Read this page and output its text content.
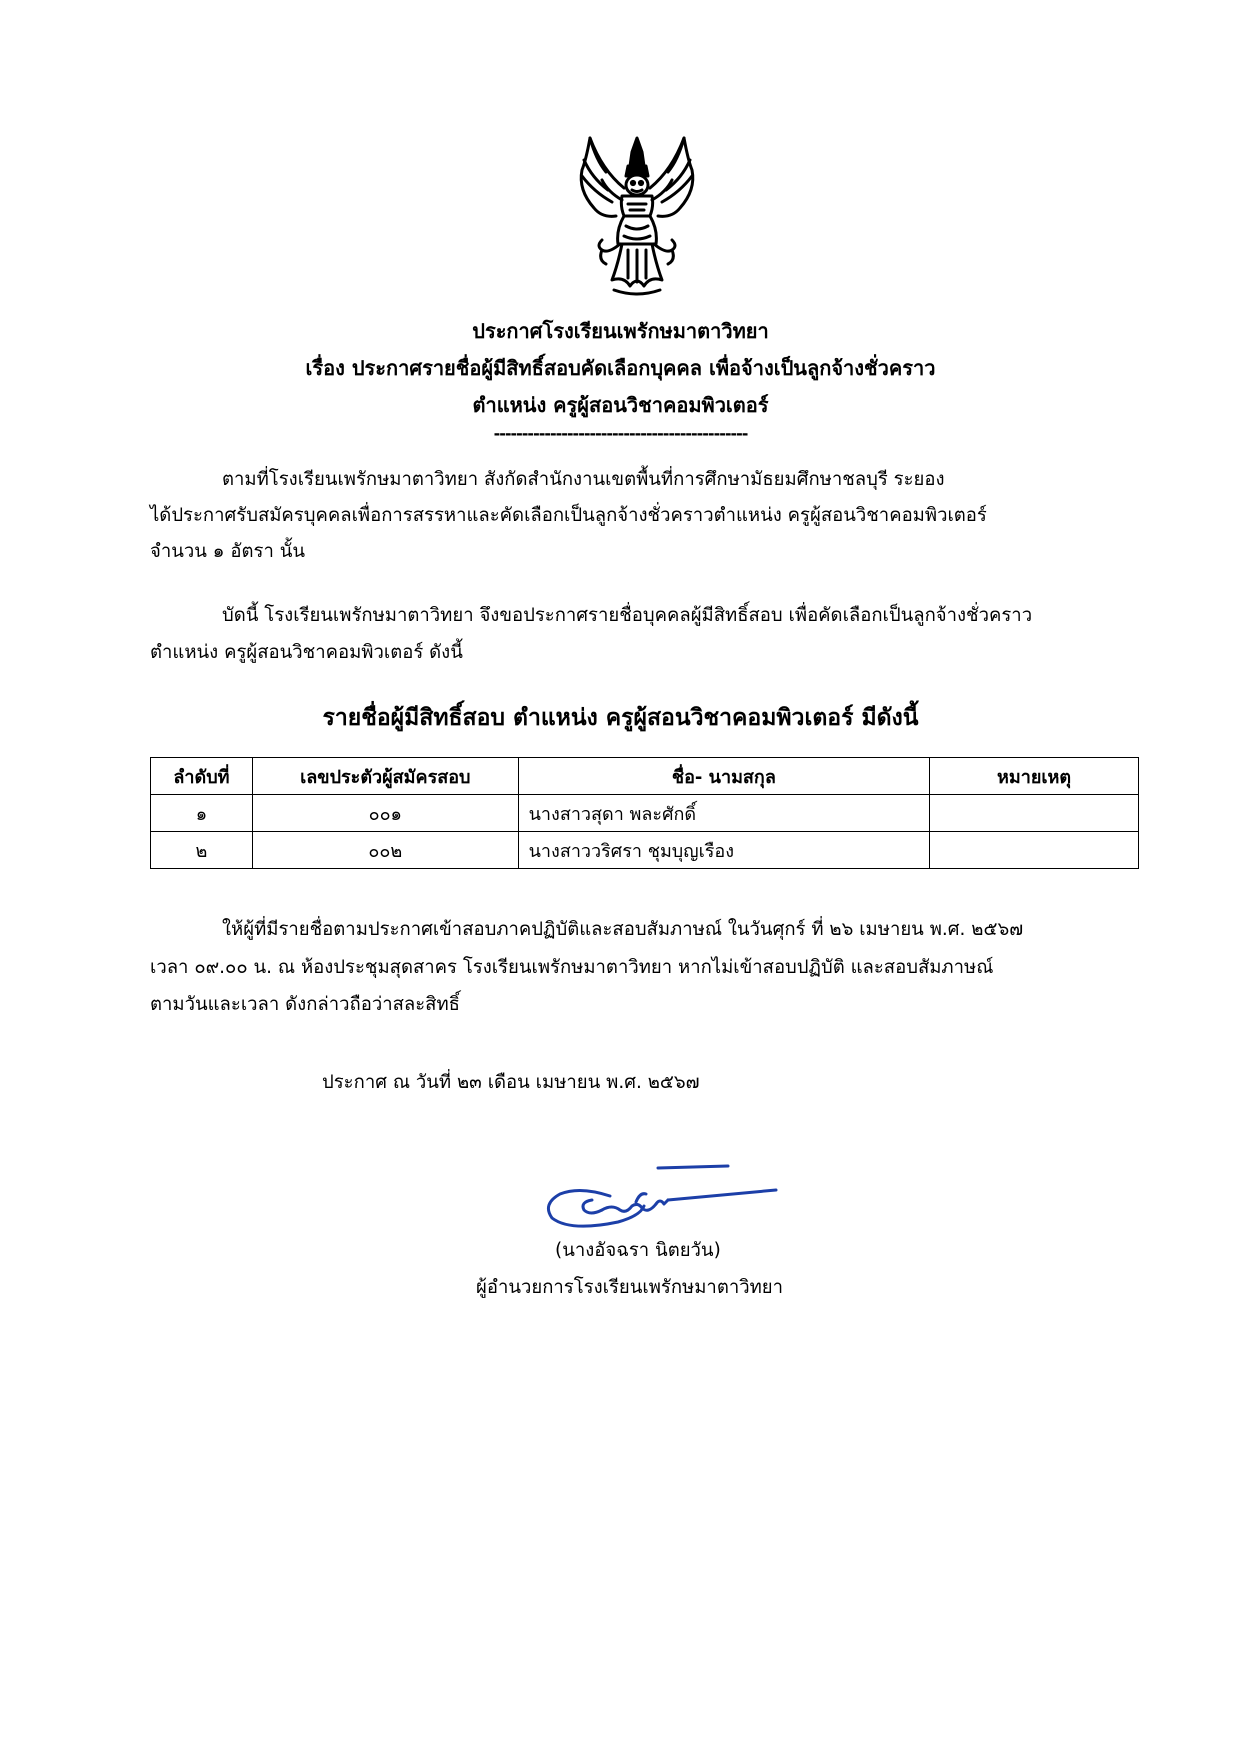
ประกาศโรงเรียนเพรักษมาตาวิทยา
เรื่อง ประกาศรายชื่อผู้มีสิทธิ์สอบคัดเลือกบุคคล เพื่อจ้างเป็นลูกจ้างชั่วคราว
ตำแหน่ง ครูผู้สอนวิชาคอมพิวเตอร์
---------------------------------------------
ตามที่โรงเรียนเพรักษมาตาวิทยา สังกัดสำนักงานเขตพื้นที่การศึกษามัธยมศึกษาชลบุรี ระยอง
ได้ประกาศรับสมัครบุคคลเพื่อการสรรหาและคัดเลือกเป็นลูกจ้างชั่วคราวตำแหน่ง ครูผู้สอนวิชาคอมพิวเตอร์
จำนวน ๑ อัตรา นั้น
บัดนี้ โรงเรียนเพรักษมาตาวิทยา จึงขอประกาศรายชื่อบุคคลผู้มีสิทธิ์สอบ เพื่อคัดเลือกเป็นลูกจ้างชั่วคราว
ตำแหน่ง ครูผู้สอนวิชาคอมพิวเตอร์ ดังนี้
รายชื่อผู้มีสิทธิ์สอบ ตำแหน่ง ครูผู้สอนวิชาคอมพิวเตอร์ มีดังนี้
ลำดับที่	เลขประตัวผู้สมัครสอบ	ชื่อ- นามสกุล	หมายเหตุ
๑	๐๐๑	นางสาวสุดา พละศักดิ์	
๒	๐๐๒	นางสาววริศรา ชุมบุญเรือง	
ให้ผู้ที่มีรายชื่อตามประกาศเข้าสอบภาคปฏิบัติและสอบสัมภาษณ์ ในวันศุกร์ ที่ ๒๖ เมษายน พ.ศ. ๒๕๖๗
เวลา ๐๙.๐๐ น. ณ ห้องประชุมสุดสาคร โรงเรียนเพรักษมาตาวิทยา หากไม่เข้าสอบปฏิบัติ และสอบสัมภาษณ์
ตามวันและเวลา ดังกล่าวถือว่าสละสิทธิ์
ประกาศ ณ วันที่ ๒๓ เดือน เมษายน พ.ศ. ๒๕๖๗
(นางอัจฉรา นิตยวัน)
ผู้อำนวยการโรงเรียนเพรักษมาตาวิทยา
